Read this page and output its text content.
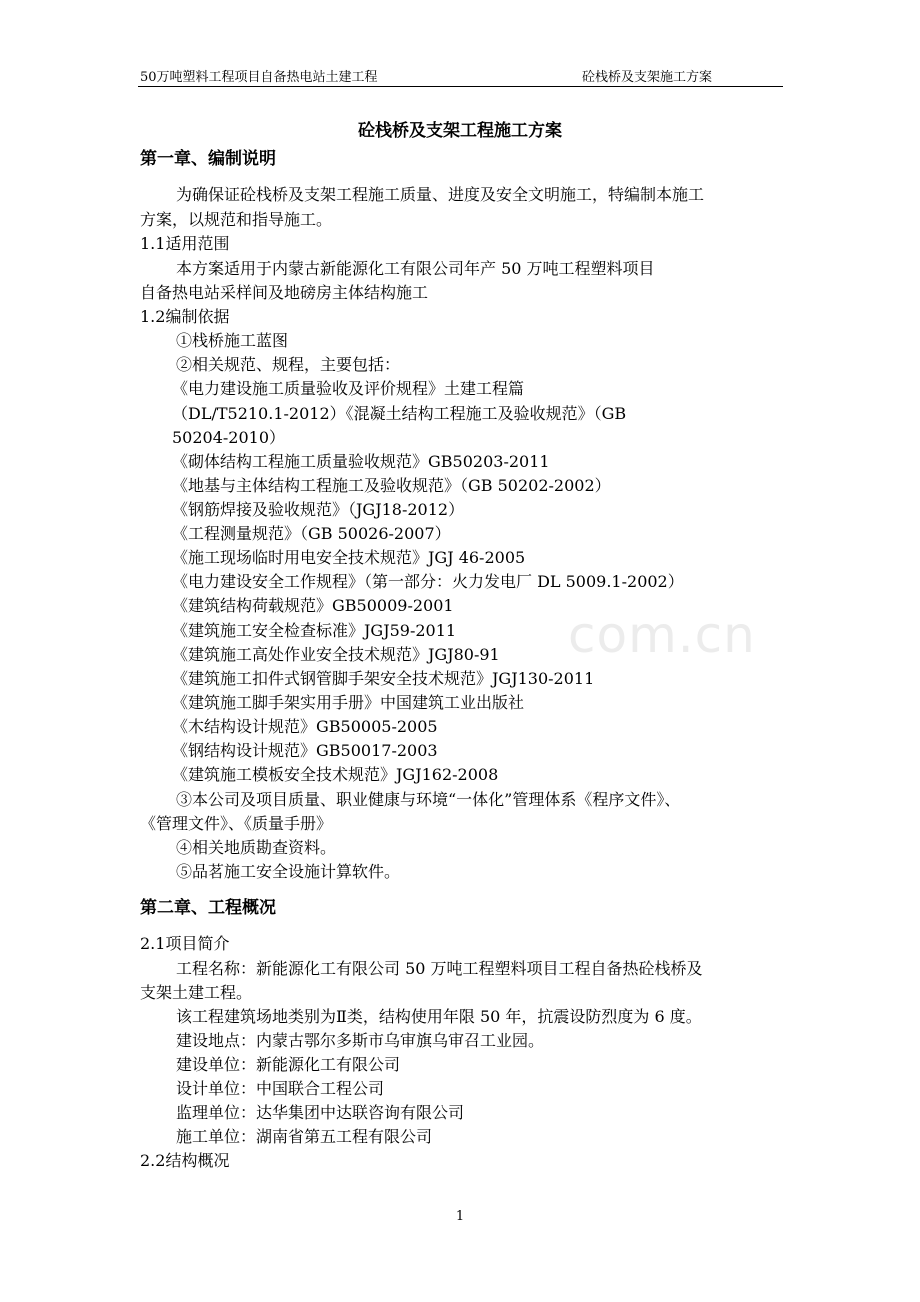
50万吨塑料工程项目自备热电站土建工程	砼栈桥及支架施工方案
砼栈桥及支架工程施工方案
第一章、编制说明
为确保证砼栈桥及支架工程施工质量、进度及安全文明施工，特编制本施工
方案，以规范和指导施工。
1.1适用范围
本方案适用于内蒙古新能源化工有限公司年产 50 万吨工程塑料项目
自备热电站采样间及地磅房主体结构施工
1.2编制依据
①栈桥施工蓝图
②相关规范、规程，主要包括：
《电力建设施工质量验收及评价规程》土建工程篇
（DL/T5210.1-2012）《混凝土结构工程施工及验收规范》（GB
50204-2010）
《砌体结构工程施工质量验收规范》GB50203-2011
《地基与主体结构工程施工及验收规范》（GB 50202-2002）
《钢筋焊接及验收规范》（JGJ18-2012）
《工程测量规范》（GB 50026-2007）
《施工现场临时用电安全技术规范》JGJ 46-2005
《电力建设安全工作规程》（第一部分：火力发电厂 DL 5009.1-2002）
《建筑结构荷载规范》GB50009-2001
《建筑施工安全检查标准》JGJ59-2011
《建筑施工高处作业安全技术规范》JGJ80-91
《建筑施工扣件式钢管脚手架安全技术规范》JGJ130-2011
《建筑施工脚手架实用手册》中国建筑工业出版社
《木结构设计规范》GB50005-2005
《钢结构设计规范》GB50017-2003
《建筑施工模板安全技术规范》JGJ162-2008
③本公司及项目质量、职业健康与环境“一体化”管理体系《程序文件》、
《管理文件》、《质量手册》
④相关地质勘查资料。
⑤品茗施工安全设施计算软件。
第二章、工程概况
2.1项目简介
工程名称：新能源化工有限公司 50 万吨工程塑料项目工程自备热砼栈桥及
支架土建工程。
该工程建筑场地类别为Ⅱ类，结构使用年限 50 年，抗震设防烈度为 6 度。
建设地点：内蒙古鄂尔多斯市乌审旗乌审召工业园。
建设单位：新能源化工有限公司
设计单位：中国联合工程公司
监理单位：达华集团中达联咨询有限公司
施工单位：湖南省第五工程有限公司
2.2结构概况
com.cn
1
